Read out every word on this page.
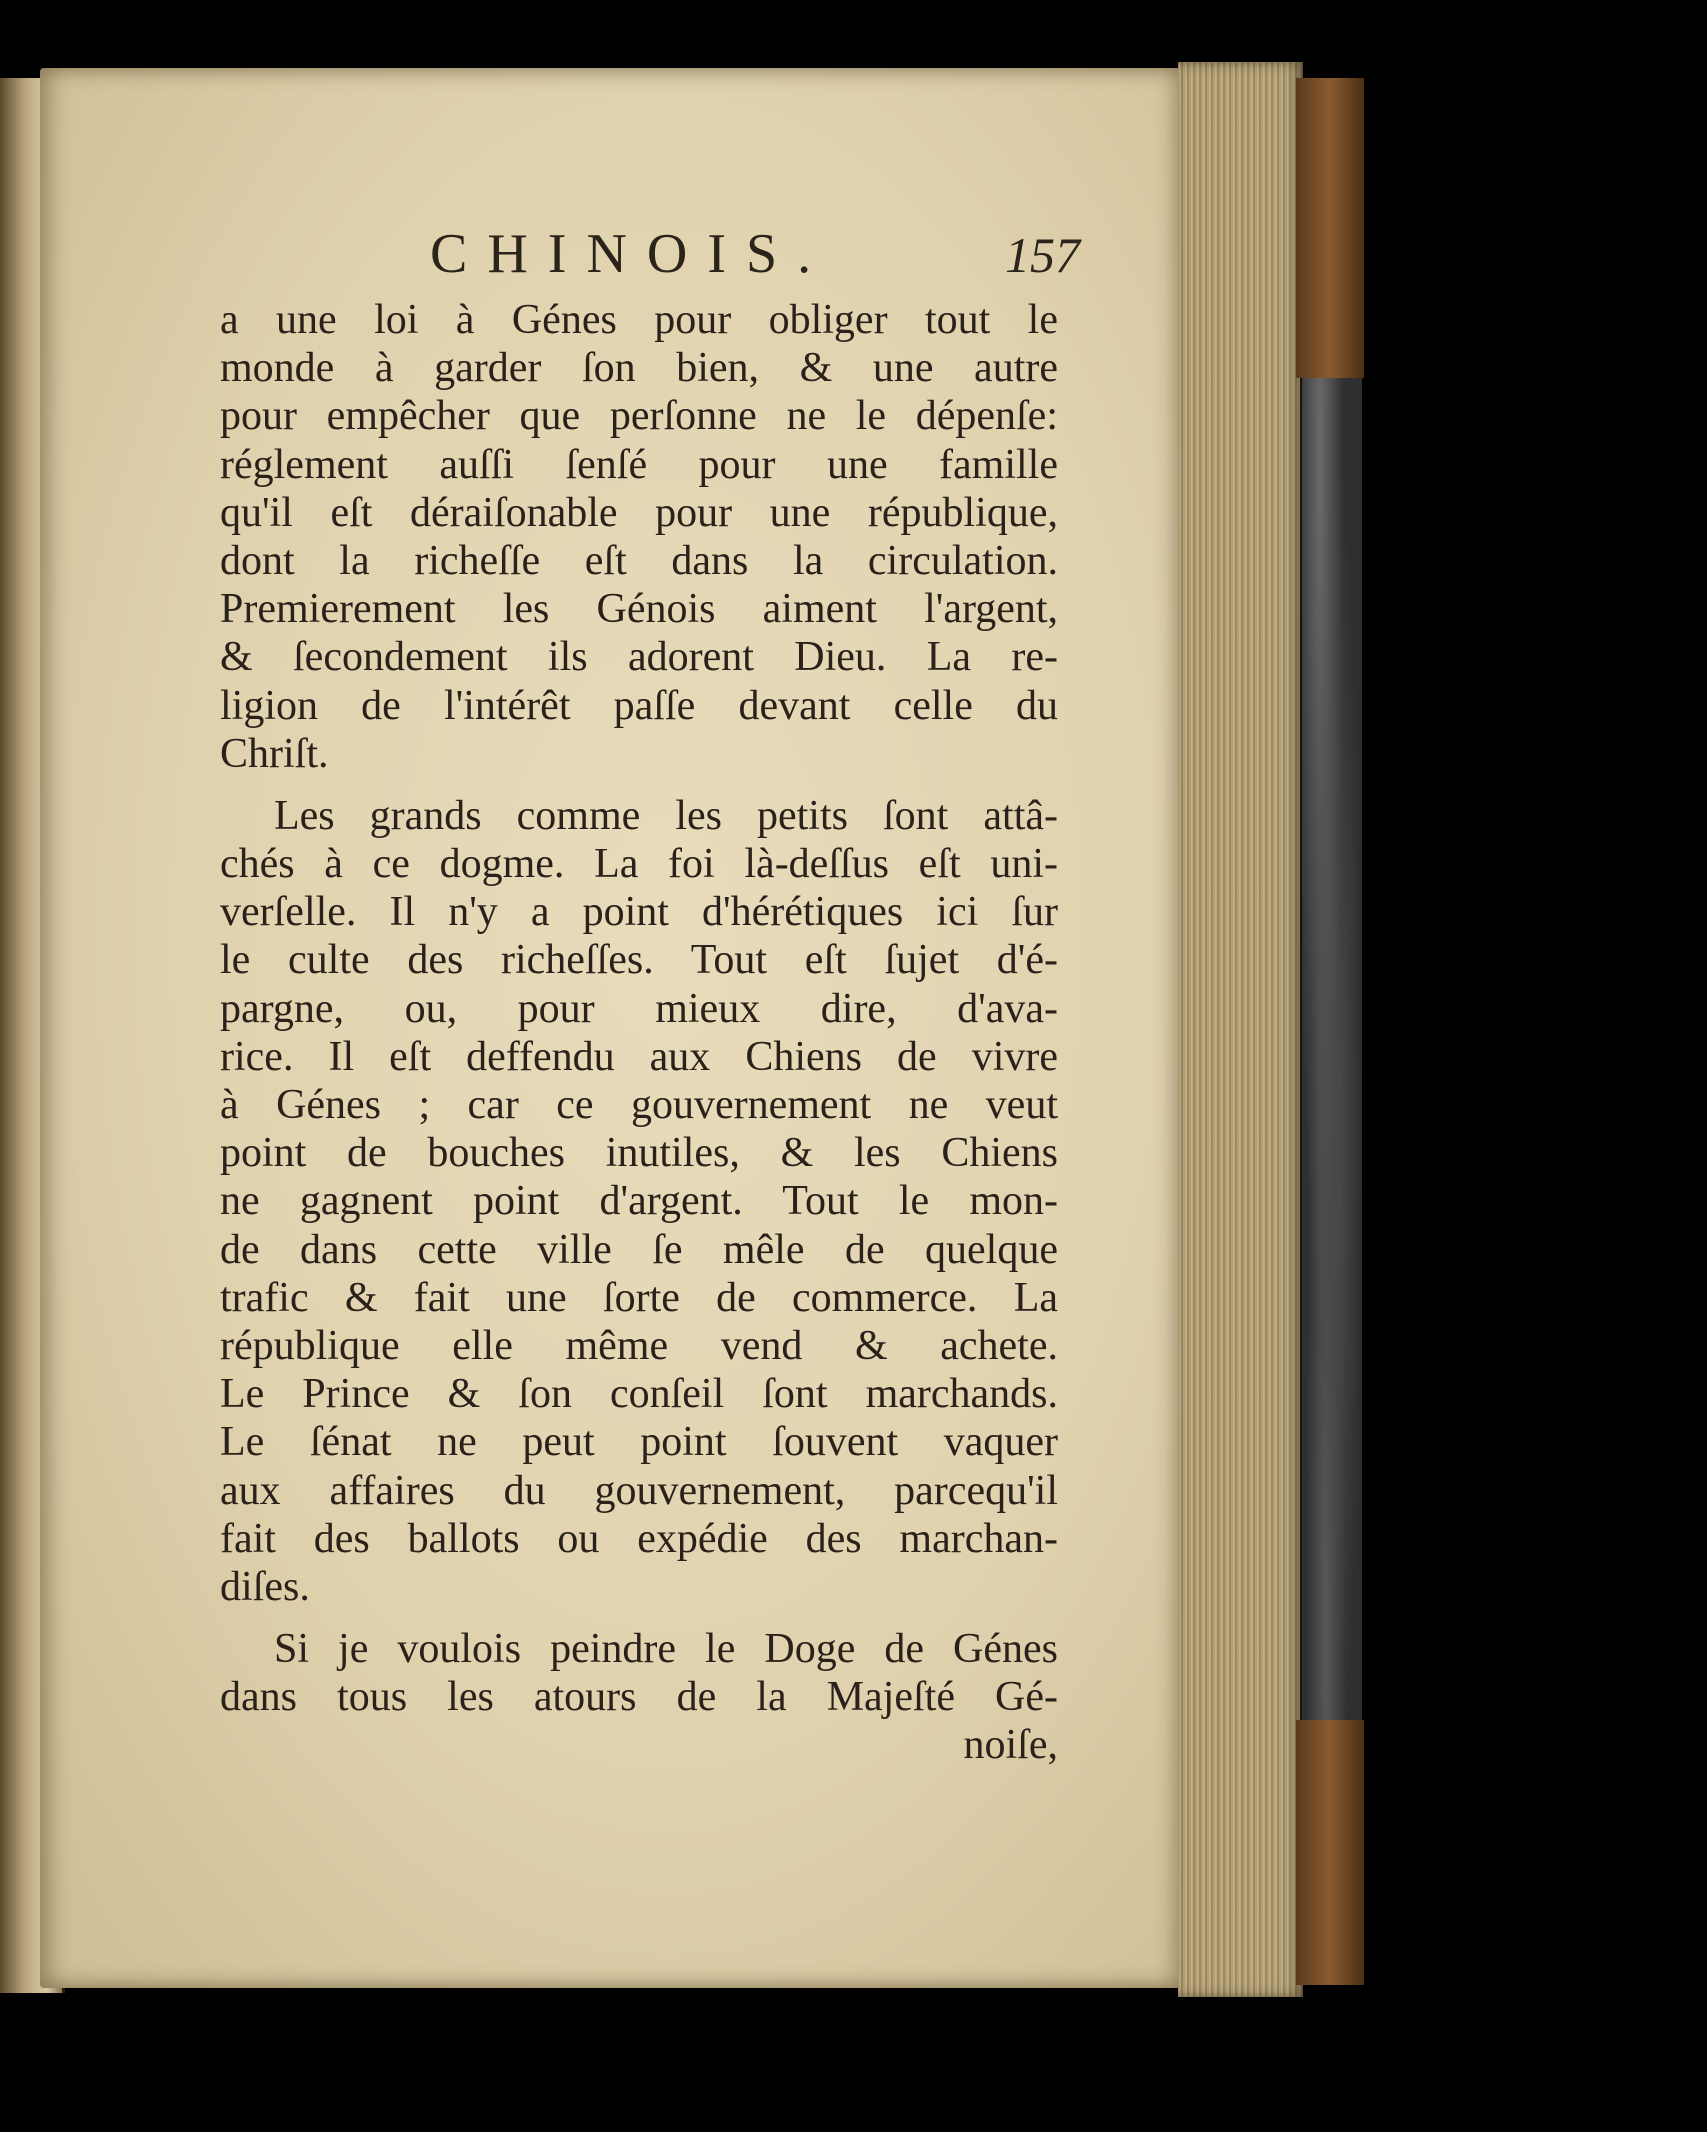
CHINOIS.	157
a une loi à Génes pour obliger tout le
monde à garder ſon bien, & une autre
pour empêcher que perſonne ne le dépenſe:
réglement auſſi ſenſé pour une famille
qu'il eſt déraiſonable pour une république,
dont la richeſſe eſt dans la circulation.
Premierement les Génois aiment l'argent,
& ſecondement ils adorent Dieu. La re-
ligion de l'intérêt paſſe devant celle du
Chriſt.
Les grands comme les petits ſont attâ-
chés à ce dogme. La foi là-deſſus eſt uni-
verſelle. Il n'y a point d'hérétiques ici ſur
le culte des richeſſes. Tout eſt ſujet d'é-
pargne, ou, pour mieux dire, d'ava-
rice. Il eſt deffendu aux Chiens de vivre
à Génes ; car ce gouvernement ne veut
point de bouches inutiles, & les Chiens
ne gagnent point d'argent. Tout le mon-
de dans cette ville ſe mêle de quelque
trafic & fait une ſorte de commerce. La
république elle même vend & achete.
Le Prince & ſon conſeil ſont marchands.
Le ſénat ne peut point ſouvent vaquer
aux affaires du gouvernement, parcequ'il
fait des ballots ou expédie des marchan-
diſes.
Si je voulois peindre le Doge de Génes
dans tous les atours de la Majeſté Gé-
noiſe,
